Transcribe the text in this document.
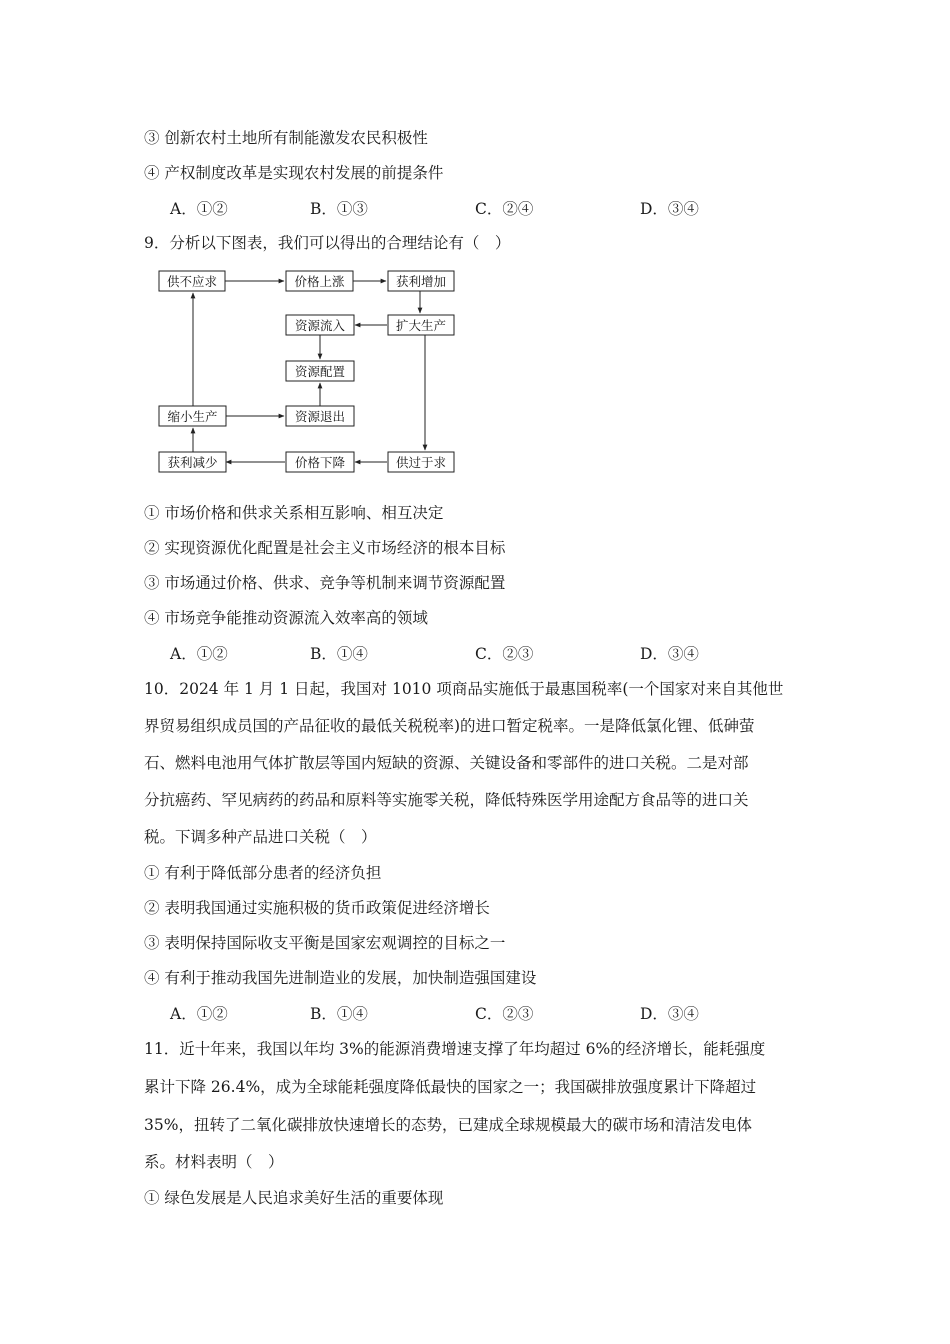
③ 创新农村土地所有制能激发农民积极性
④ 产权制度改革是实现农村发展的前提条件
A．①②	B．①③	C．②④	D．③④
9．分析以下图表，我们可以得出的合理结论有（　）
供不应求	价格上涨	获利增加
资源流入	扩大生产
资源配置
缩小生产	资源退出
获利减少	价格下降	供过于求
① 市场价格和供求关系相互影响、相互决定
② 实现资源优化配置是社会主义市场经济的根本目标
③ 市场通过价格、供求、竞争等机制来调节资源配置
④ 市场竞争能推动资源流入效率高的领域
A．①②	B．①④	C．②③	D．③④
10．2024 年 1 月 1 日起，我国对 1010 项商品实施低于最惠国税率(一个国家对来自其他世
界贸易组织成员国的产品征收的最低关税税率)的进口暂定税率。一是降低氯化锂、低砷萤
石、燃料电池用气体扩散层等国内短缺的资源、关键设备和零部件的进口关税。二是对部
分抗癌药、罕见病药的药品和原料等实施零关税，降低特殊医学用途配方食品等的进口关
税。下调多种产品进口关税（　）
① 有利于降低部分患者的经济负担
② 表明我国通过实施积极的货币政策促进经济增长
③ 表明保持国际收支平衡是国家宏观调控的目标之一
④ 有利于推动我国先进制造业的发展，加快制造强国建设
A．①②	B．①④	C．②③	D．③④
11．近十年来，我国以年均 3%的能源消费增速支撑了年均超过 6%的经济增长，能耗强度
累计下降 26.4%，成为全球能耗强度降低最快的国家之一；我国碳排放强度累计下降超过
35%，扭转了二氧化碳排放快速增长的态势，已建成全球规模最大的碳市场和清洁发电体
系。材料表明（　）
① 绿色发展是人民追求美好生活的重要体现
